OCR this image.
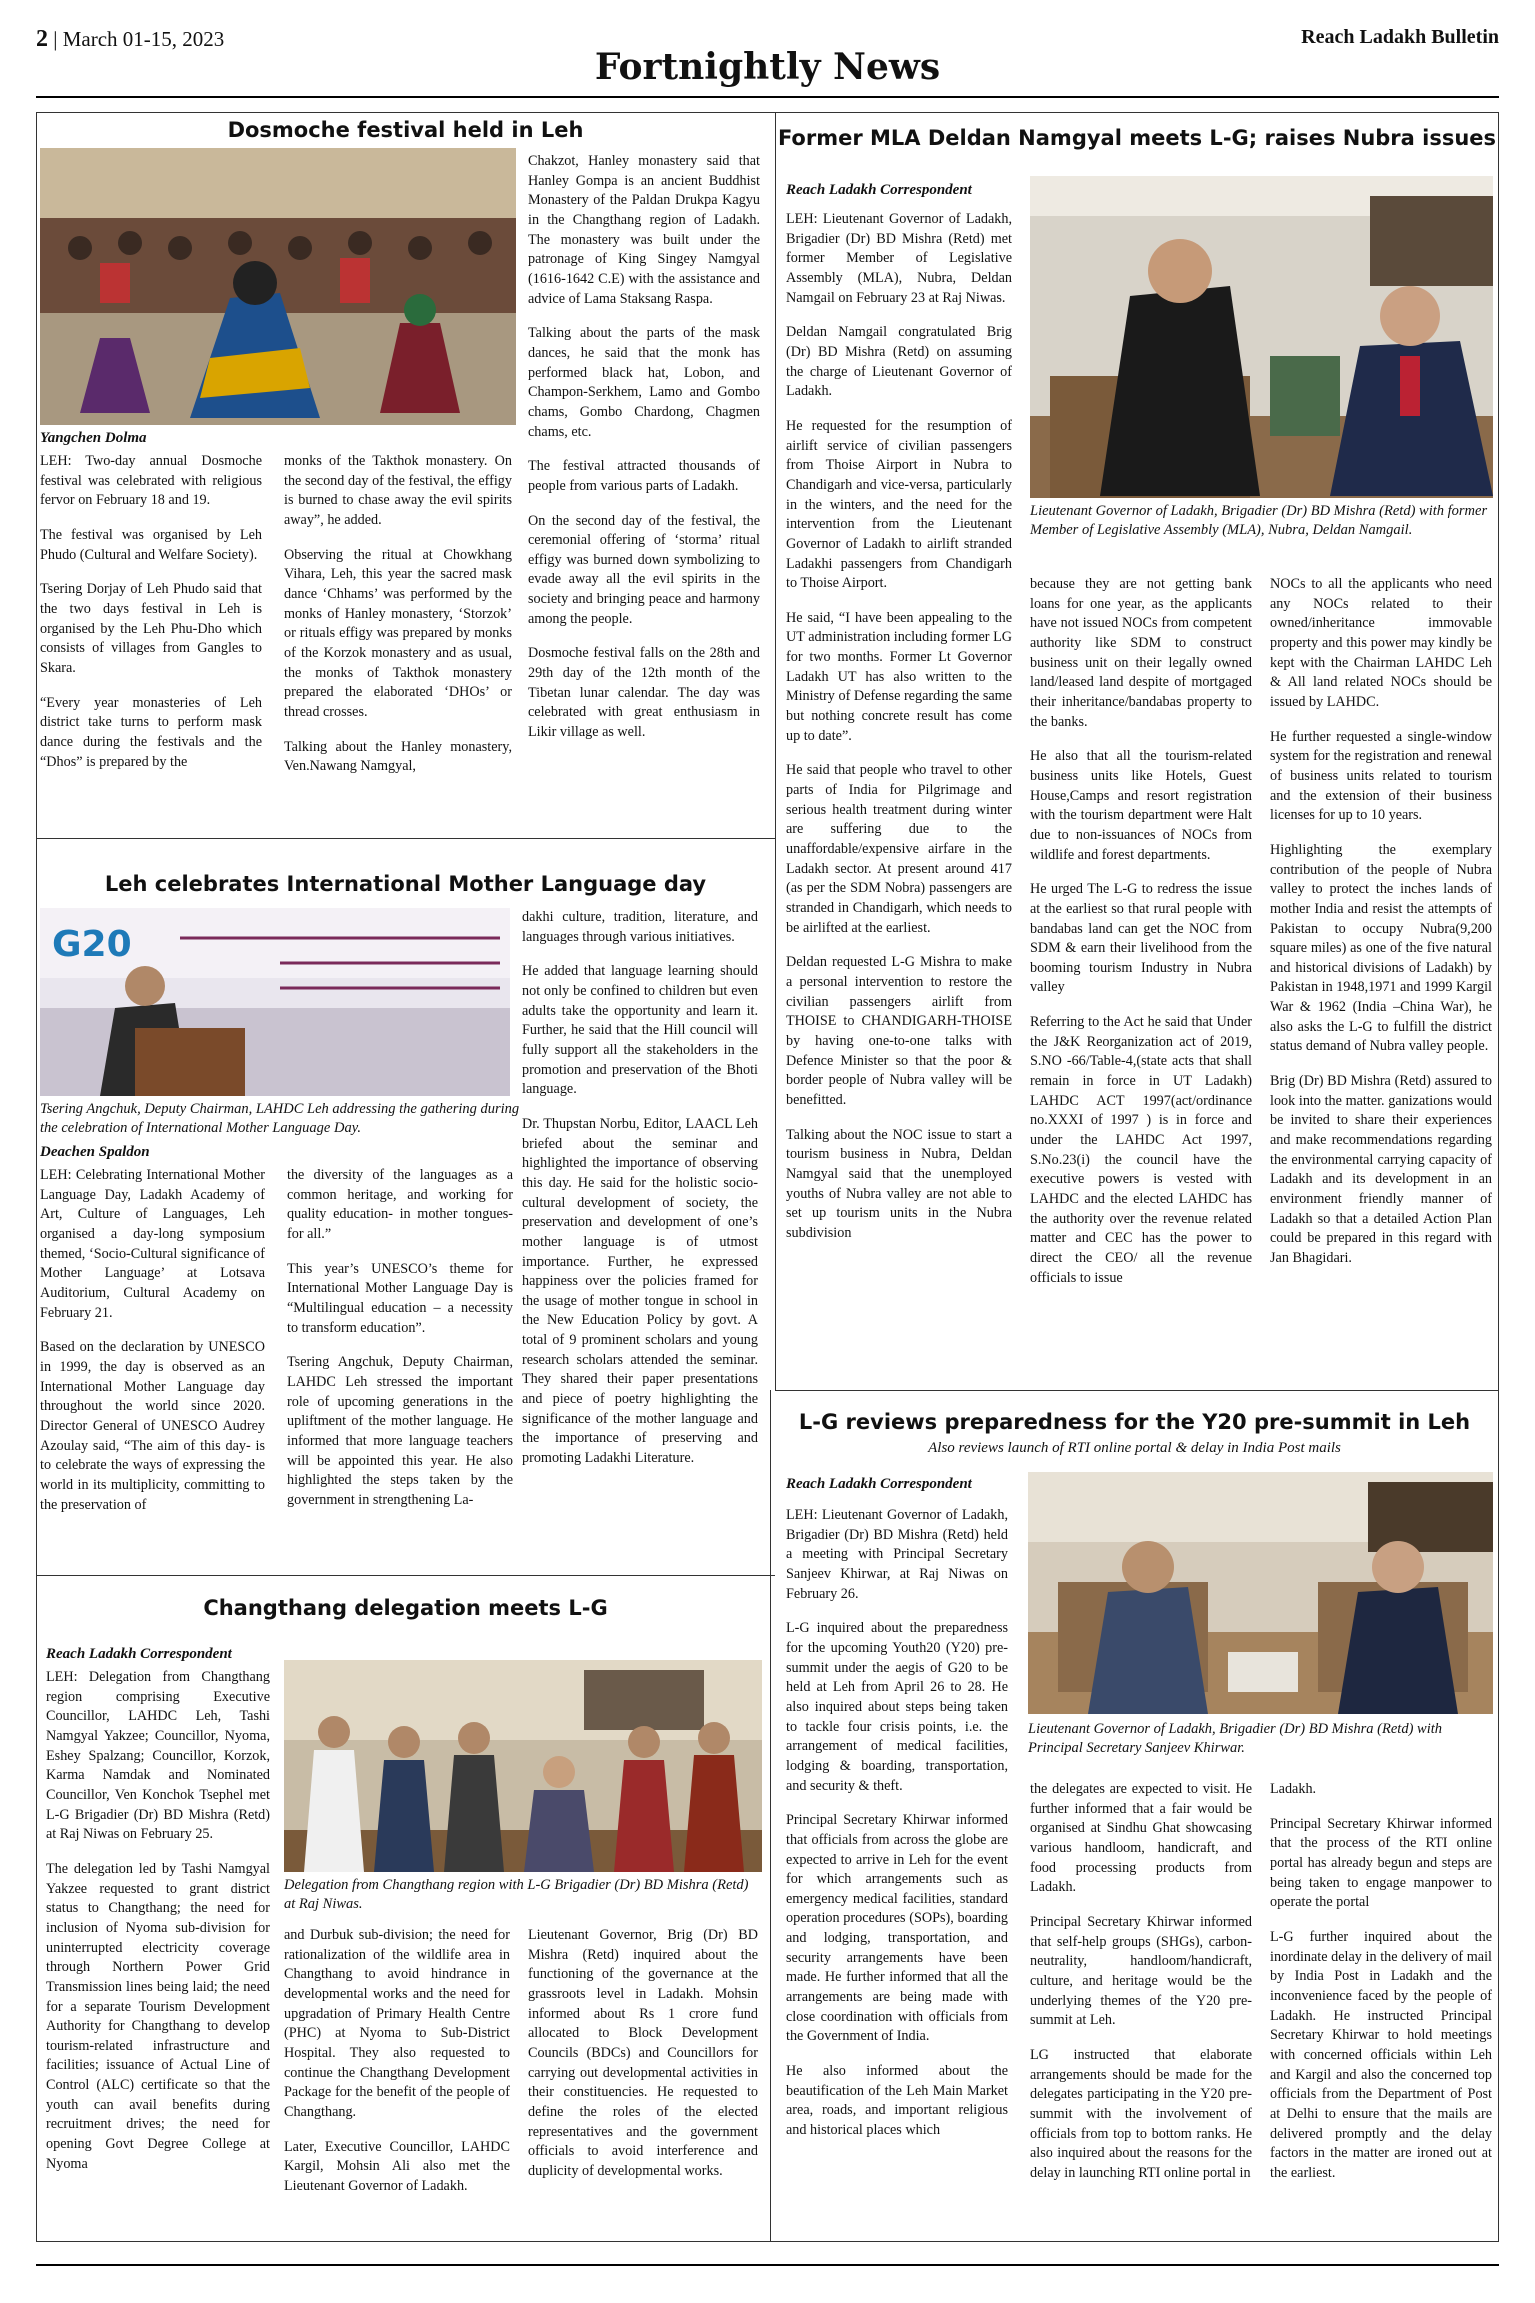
2 | March 01-15, 2023	Reach Ladakh Bulletin
Fortnightly News
Dosmoche festival held in Leh
Yangchen Dolma

LEH: Two-day annual Dosmoche festival was celebrated with religious fervor on February 18 and 19.

The festival was organised by Leh Phudo (Cultural and Welfare Society).

Tsering Dorjay of Leh Phudo said that the two days festival in Leh is organised by the Leh Phu-Dho which consists of villages from Gangles to Skara.

“Every year monasteries of Leh district take turns to perform mask dance during the festivals and the “Dhos” is prepared by the

monks of the Takthok monastery. On the second day of the festival, the effigy is burned to chase away the evil spirits away”, he added.

Observing the ritual at Chowkhang Vihara, Leh, this year the sacred mask dance ‘Chhams’ was performed by the monks of Hanley monastery, ‘Storzok’ or rituals effigy was prepared by monks of the Korzok monastery and as usual, the monks of Takthok monastery prepared the elaborated ‘DHOs’ or thread crosses.

Talking about the Hanley monastery, Ven.Nawang Namgyal,

Chakzot, Hanley monastery said that Hanley Gompa is an ancient Buddhist Monastery of the Paldan Drukpa Kagyu in the Changthang region of Ladakh. The monastery was built under the patronage of King Singey Namgyal (1616-1642 C.E) with the assistance and advice of Lama Staksang Raspa.

Talking about the parts of the mask dances, he said that the monk has performed black hat, Lobon, and Champon-Serkhem, Lamo and Gombo chams, Gombo Chardong, Chagmen chams, etc.

The festival attracted thousands of people from various parts of Ladakh.

On the second day of the festival, the ceremonial offering of ‘storma’ ritual effigy was burned down symbolizing to evade away all the evil spirits in the society and bringing peace and harmony among the people.

Dosmoche festival falls on the 28th and 29th day of the 12th month of the Tibetan lunar calendar. The day was celebrated with great enthusiasm in Likir village as well.

Former MLA Deldan Namgyal meets L-G; raises Nubra issues
Reach Ladakh Correspondent
Lieutenant Governor of Ladakh, Brigadier (Dr) BD Mishra (Retd) with former Member of Legislative Assembly (MLA), Nubra, Deldan Namgail.

LEH: Lieutenant Governor of Ladakh, Brigadier (Dr) BD Mishra (Retd) met former Member of Legislative Assembly (MLA), Nubra, Deldan Namgail on February 23 at Raj Niwas.

Deldan Namgail congratulated Brig (Dr) BD Mishra (Retd) on assuming the charge of Lieutenant Governor of Ladakh.

He requested for the resumption of airlift service of civilian passengers from Thoise Airport in Nubra to Chandigarh and vice-versa, particularly in the winters, and the need for the intervention from the Lieutenant Governor of Ladakh to airlift stranded Ladakhi passengers from Chandigarh to Thoise Airport.

He said, “I have been appealing to the UT administration including former LG for two months. Former Lt Governor Ladakh UT has also written to the Ministry of Defense regarding the same but nothing concrete result has come up to date”.

He said that people who travel to other parts of India for Pilgrimage and serious health treatment during winter are suffering due to the unaffordable/expensive airfare in the Ladakh sector. At present around 417 (as per the SDM Nobra) passengers are stranded in Chandigarh, which needs to be airlifted at the earliest.

Deldan requested L-G Mishra to make a personal intervention to restore the civilian passengers airlift from THOISE to CHANDIGARH-THOISE by having one-to-one talks with Defence Minister so that the poor & border people of Nubra valley will be benefitted.

Talking about the NOC issue to start a tourism business in Nubra, Deldan Namgyal said that the unemployed youths of Nubra valley are not able to set up tourism units in the Nubra subdivision

because they are not getting bank loans for one year, as the applicants have not issued NOCs from competent authority like SDM to construct business unit on their legally owned land/leased land despite of mortgaged their inheritance/bandabas property to the banks.

He also that all the tourism-related business units like Hotels, Guest House,Camps and resort registration with the tourism department were Halt due to non-issuances of NOCs from wildlife and forest departments.

He urged The L-G to redress the issue at the earliest so that rural people with bandabas land can get the NOC from SDM & earn their livelihood from the booming tourism Industry in Nubra valley

Referring to the Act he said that Under the J&K Reorganization act of 2019, S.NO -66/Table-4,(state acts that shall remain in force in UT Ladakh) LAHDC ACT 1997(act/ordinance no.XXXI of 1997 ) is in force and under the LAHDC Act 1997, S.No.23(i) the council have the executive powers is vested with LAHDC and the elected LAHDC has the authority over the revenue related matter and CEC has the power to direct the CEO/ all the revenue officials to issue

NOCs to all the applicants who need any NOCs related to their owned/inheritance immovable property and this power may kindly be kept with the Chairman LAHDC Leh & All land related NOCs should be issued by LAHDC.

He further requested a single-window system for the registration and renewal of business units related to tourism and the extension of their business licenses for up to 10 years.

Highlighting the exemplary contribution of the people of Nubra valley to protect the inches lands of mother India and resist the attempts of Pakistan to occupy Nubra(9,200 square miles) as one of the five natural and historical divisions of Ladakh) by Pakistan in 1948,1971 and 1999 Kargil War & 1962 (India –China War), he also asks the L-G to fulfill the district status demand of Nubra valley people.

Brig (Dr) BD Mishra (Retd) assured to look into the matter. ganizations would be invited to share their experiences and make recommendations regarding the environmental carrying capacity of Ladakh and its development in an environment friendly manner of Ladakh so that a detailed Action Plan could be prepared in this regard with Jan Bhagidari.

Leh celebrates International Mother Language day
G20
Tsering Angchuk, Deputy Chairman, LAHDC Leh addressing the gathering during the celebration of International Mother Language Day.
Deachen Spaldon

LEH: Celebrating International Mother Language Day, Ladakh Academy of Art, Culture of Languages, Leh organised a day-long symposium themed, ‘Socio-Cultural significance of Mother Language’ at Lotsava Auditorium, Cultural Academy on February 21.

Based on the declaration by UNESCO in 1999, the day is observed as an International Mother Language day throughout the world since 2020. Director General of UNESCO Audrey Azoulay said, “The aim of this day- is to celebrate the ways of expressing the world in its multiplicity, committing to the preservation of

the diversity of the languages as a common heritage, and working for quality education- in mother tongues- for all.”

This year’s UNESCO’s theme for International Mother Language Day is “Multilingual education – a necessity to transform education”.

Tsering Angchuk, Deputy Chairman, LAHDC Leh stressed the important role of upcoming generations in the upliftment of the mother language. He informed that more language teachers will be appointed this year. He also highlighted the steps taken by the government in strengthening La-

dakhi culture, tradition, literature, and languages through various initiatives.

He added that language learning should not only be confined to children but even adults take the opportunity and learn it. Further, he said that the Hill council will fully support all the stakeholders in the promotion and preservation of the Bhoti language.

Dr. Thupstan Norbu, Editor, LAACL Leh briefed about the seminar and highlighted the importance of observing this day. He said for the holistic socio-cultural development of society, the preservation and development of one’s mother language is of utmost importance. Further, he expressed happiness over the policies framed for the usage of mother tongue in school in the New Education Policy by govt. A total of 9 prominent scholars and young research scholars attended the seminar. They shared their paper presentations and piece of poetry highlighting the significance of the mother language and the importance of preserving and promoting Ladakhi Literature.

Changthang delegation meets L-G
Reach Ladakh Correspondent
Delegation from Changthang region with L-G Brigadier (Dr) BD Mishra (Retd) at Raj Niwas.

LEH: Delegation from Changthang region comprising Executive Councillor, LAHDC Leh, Tashi Namgyal Yakzee; Councillor, Nyoma, Eshey Spalzang; Councillor, Korzok, Karma Namdak and Nominated Councillor, Ven Konchok Tsephel met L-G Brigadier (Dr) BD Mishra (Retd) at Raj Niwas on February 25.

The delegation led by Tashi Namgyal Yakzee requested to grant district status to Changthang; the need for inclusion of Nyoma sub-division for uninterrupted electricity coverage through Northern Power Grid Transmission lines being laid; the need for a separate Tourism Development Authority for Changthang to develop tourism-related infrastructure and facilities; issuance of Actual Line of Control (ALC) certificate so that the youth can avail benefits during recruitment drives; the need for opening Govt Degree College at Nyoma

and Durbuk sub-division; the need for rationalization of the wildlife area in Changthang to avoid hindrance in developmental works and the need for upgradation of Primary Health Centre (PHC) at Nyoma to Sub-District Hospital. They also requested to continue the Changthang Development Package for the benefit of the people of Changthang.

Later, Executive Councillor, LAHDC Kargil, Mohsin Ali also met the Lieutenant Governor of Ladakh.

Lieutenant Governor, Brig (Dr) BD Mishra (Retd) inquired about the functioning of the governance at the grassroots level in Ladakh. Mohsin informed about Rs 1 crore fund allocated to Block Development Councils (BDCs) and Councillors for carrying out developmental activities in their constituencies. He requested to define the roles of the elected representatives and the government officials to avoid interference and duplicity of developmental works.

L-G reviews preparedness for the Y20 pre-summit in Leh
Also reviews launch of RTI online portal & delay in India Post mails
Reach Ladakh Correspondent
Lieutenant Governor of Ladakh, Brigadier (Dr) BD Mishra (Retd) with Principal Secretary Sanjeev Khirwar.

LEH: Lieutenant Governor of Ladakh, Brigadier (Dr) BD Mishra (Retd) held a meeting with Principal Secretary Sanjeev Khirwar, at Raj Niwas on February 26.

L-G inquired about the preparedness for the upcoming Youth20 (Y20) pre-summit under the aegis of G20 to be held at Leh from April 26 to 28. He also inquired about steps being taken to tackle four crisis points, i.e. the arrangement of medical facilities, lodging & boarding, transportation, and security & theft.

Principal Secretary Khirwar informed that officials from across the globe are expected to arrive in Leh for the event for which arrangements such as emergency medical facilities, standard operation procedures (SOPs), boarding and lodging, transportation, and security arrangements have been made. He further informed that all the arrangements are being made with close coordination with officials from the Government of India.

He also informed about the beautification of the Leh Main Market area, roads, and important religious and historical places which

the delegates are expected to visit. He further informed that a fair would be organised at Sindhu Ghat showcasing various handloom, handicraft, and food processing products from Ladakh.

Principal Secretary Khirwar informed that self-help groups (SHGs), carbon-neutrality, handloom/handicraft, culture, and heritage would be the underlying themes of the Y20 pre-summit at Leh.

LG instructed that elaborate arrangements should be made for the delegates participating in the Y20 pre-summit with the involvement of officials from top to bottom ranks. He also inquired about the reasons for the delay in launching RTI online portal in

Ladakh.

Principal Secretary Khirwar informed that the process of the RTI online portal has already begun and steps are being taken to engage manpower to operate the portal

L-G further inquired about the inordinate delay in the delivery of mail by India Post in Ladakh and the inconvenience faced by the people of Ladakh. He instructed Principal Secretary Khirwar to hold meetings with concerned officials within Leh and Kargil and also the concerned top officials from the Department of Post at Delhi to ensure that the mails are delivered promptly and the delay factors in the matter are ironed out at the earliest.
